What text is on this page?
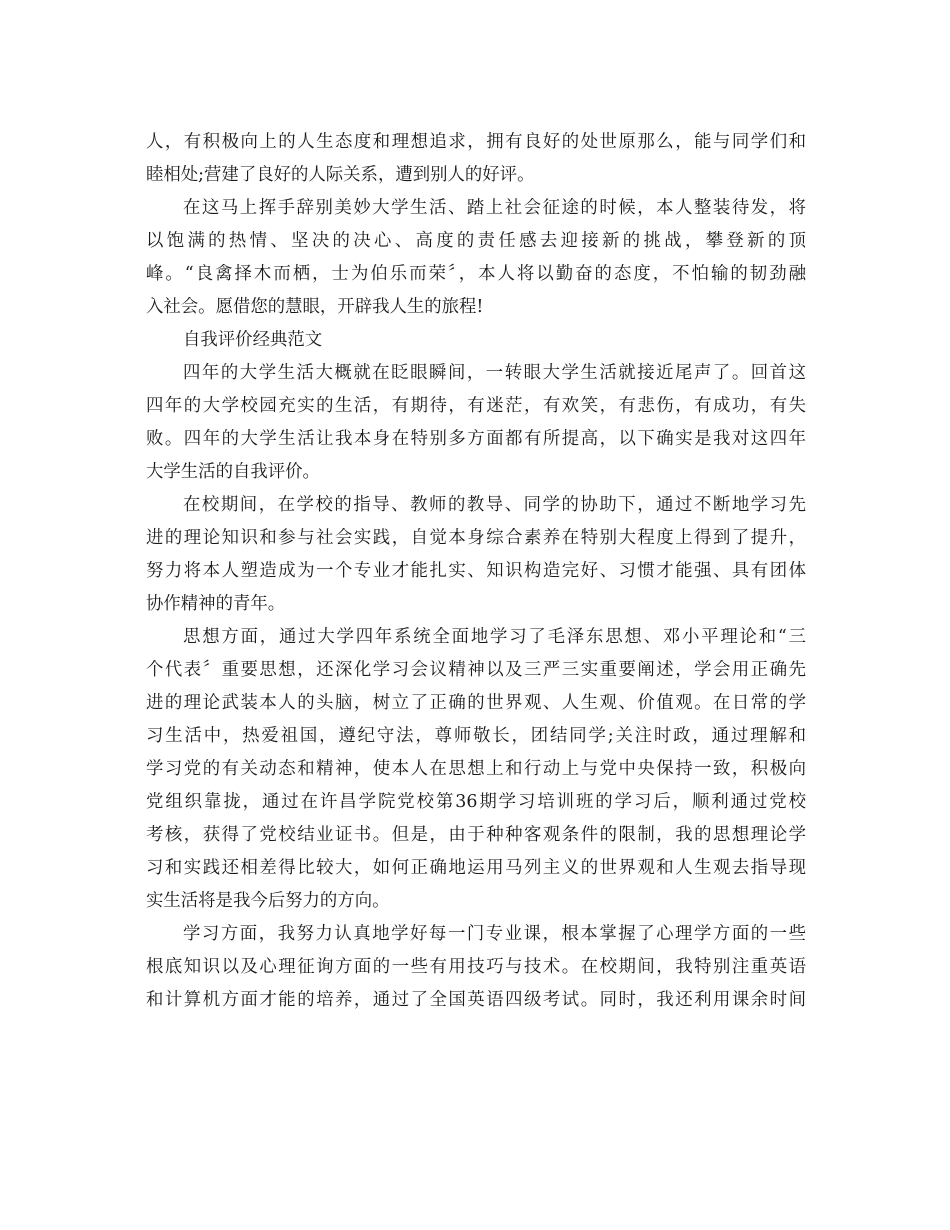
人，有积极向上的人生态度和理想追求，拥有良好的处世原那么，能与同学们和
睦相处;营建了良好的人际关系，遭到别人的好评。
在这马上挥手辞别美妙大学生活、踏上社会征途的时候，本人整装待发，将
以饱满的热情、坚决的决心、高度的责任感去迎接新的挑战，攀登新的顶
峰。“良禽择木而栖，士为伯乐而荣〞，本人将以勤奋的态度，不怕输的韧劲融
入社会。愿借您的慧眼，开辟我人生的旅程!
自我评价经典范文
四年的大学生活大概就在眨眼瞬间，一转眼大学生活就接近尾声了。回首这
四年的大学校园充实的生活，有期待，有迷茫，有欢笑，有悲伤，有成功，有失
败。四年的大学生活让我本身在特别多方面都有所提高，以下确实是我对这四年
大学生活的自我评价。
在校期间，在学校的指导、教师的教导、同学的协助下，通过不断地学习先
进的理论知识和参与社会实践，自觉本身综合素养在特别大程度上得到了提升，
努力将本人塑造成为一个专业才能扎实、知识构造完好、习惯才能强、具有团体
协作精神的青年。
思想方面，通过大学四年系统全面地学习了毛泽东思想、邓小平理论和“三
个代表〞重要思想，还深化学习会议精神以及三严三实重要阐述，学会用正确先
进的理论武装本人的头脑，树立了正确的世界观、人生观、价值观。在日常的学
习生活中，热爱祖国，遵纪守法，尊师敬长，团结同学;关注时政，通过理解和
学习党的有关动态和精神，使本人在思想上和行动上与党中央保持一致，积极向
党组织靠拢，通过在许昌学院党校第36期学习培训班的学习后，顺利通过党校
考核，获得了党校结业证书。但是，由于种种客观条件的限制，我的思想理论学
习和实践还相差得比较大，如何正确地运用马列主义的世界观和人生观去指导现
实生活将是我今后努力的方向。
学习方面，我努力认真地学好每一门专业课，根本掌握了心理学方面的一些
根底知识以及心理征询方面的一些有用技巧与技术。在校期间，我特别注重英语
和计算机方面才能的培养，通过了全国英语四级考试。同时，我还利用课余时间
